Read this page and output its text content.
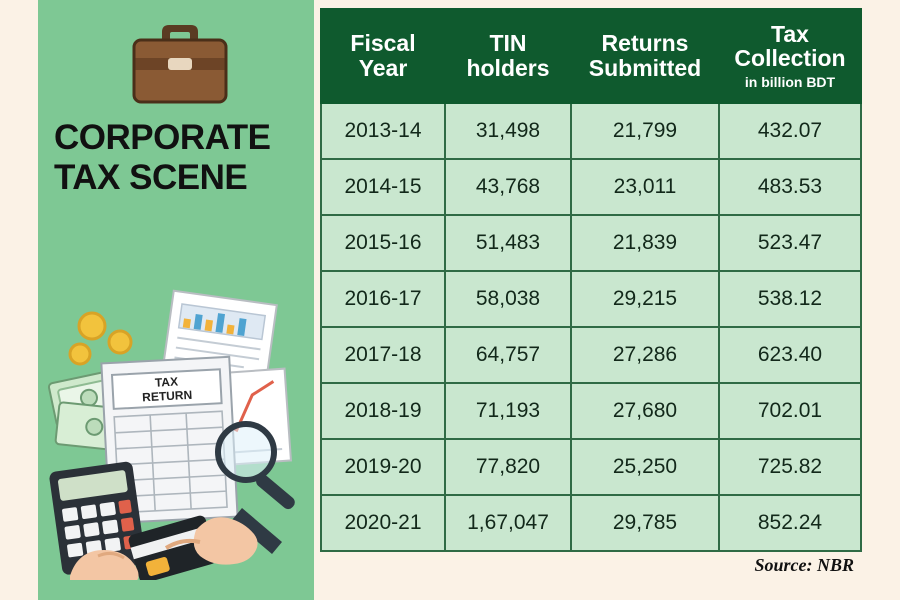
CORPORATE
TAX SCENE
TAX
RETURN
Fiscal Year	TIN holders	Returns Submitted	Tax Collection
in billion BDT

2013-14	31,498	21,799	432.07
2014-15	43,768	23,011	483.53
2015-16	51,483	21,839	523.47
2016-17	58,038	29,215	538.12
2017-18	64,757	27,286	623.40
2018-19	71,193	27,680	702.01
2019-20	77,820	25,250	725.82
2020-21	1,67,047	29,785	852.24
Source: NBR
